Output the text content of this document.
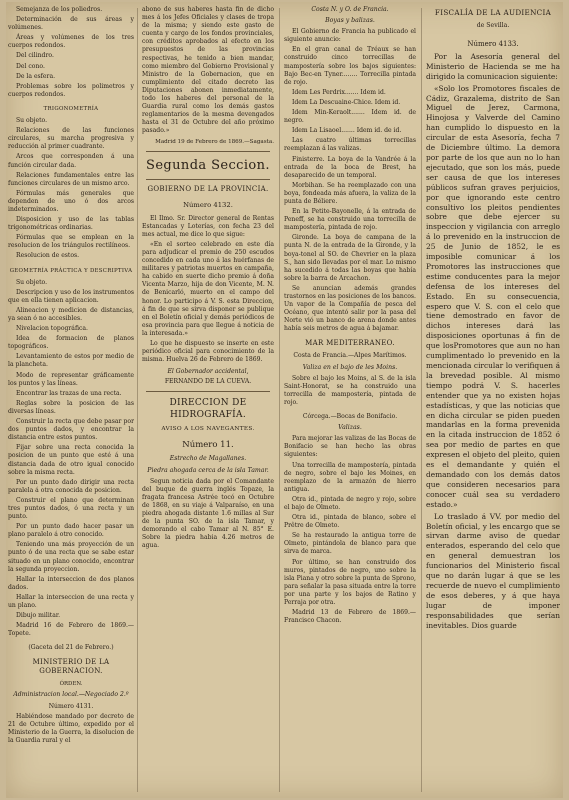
Semejanza de los poliedros.
Determinación de sus áreas y volúmenes.
Áreas y volúmenes de los tres cuerpos redondos.
Del cilindro.
Del cono.
De la esfera.
Problemas sobre los polimetros y cuerpos redondos.
TRIGONOMETRÍA
Su objeto.
Relaciones de las funciones circulares, su marcha progresiva y reducción al primer cuadrante.
Arcos que corresponden á una función circular dada.
Relaciones fundamentales entre las funciones circulares de un mismo arco.
Fórmulas más generales que dependen de uno ó dos arcos indeterminados.
Disposicion y uso de las tablas trigonométricas ordinarias.
Fórmulas que se emplean en la resolucion de los triángulos rectilíneos.
Resolucion de estos.
GEOMETRÍA PRÁCTICA Y DESCRIPTIVA
Su objeto.
Descripcion y uso de los instrumentos que en ella tienen aplicacion.
Alineacion y medicion de distancias, ya sean ó no accesibles.
Nivelacion topográfica.
Idea de formacion de planos topográficos.
Levantamiento de estos por medio de la plancheta.
Modo de representar gráficamente los puntos y las líneas.
Encontrar las trazas de una recta.
Reglas sobre la posicion de las diversas líneas.
Construir la recta que debe pasar por dos puntos dados, y encontrar la distancia entre estos puntos.
Fijar sobre una recta conocida la posicion de un punto que esté á una distancia dada de otro igual conocido sobre la misma recta.
Por un punto dado dirigir una recta paralela á otra conocida de posicion.
Construir el plano que determinan tres puntos dados, ó una recta y un punto.
Por un punto dado hacer pasar un plano paralelo á otro conocido.
Teniendo una más proyección de un punto ó de una recta que se sabe estar situado en un plano conocido, encontrar la segunda proyeccion.
Hallar la interseccion de dos planos dados.
Hallar la interseccion de una recta y un plano.
Dibujo militar.
Madrid 16 de Febrero de 1869.—Topete.
(Gaceta del 21 de Febrero.)
MINISTERIO DE LA GOBERNACION.
ÓRDEN.
Administracion local.—Negociado 2.º
Número 4131.
Habiéndose mandado por decreto de 21 de Octubre último, expedido por el Ministerio de la Guerra, la disolucion de la Guardia rural y el
abono de sus haberes hasta fin de dicho mes á los Jefes Oficiales y clases de tropa de la misma; y siendo este gasto de cuenta y cargo de los fondos provinciales, con créditos aprobados al efecto en los presupuestos de las provincias respectivas, he tenido a bien mandar, como miembro del Gobierno Provisional y Ministro de la Gobernacion, que en cumplimiento del citado decreto las Diputaciones abonen inmediatamente, todo los haberes del personal de la Guardia rural como los demás gastos reglamentarios de la mesma devengados hasta el 31 de Octubre del año próximo pasado.»
Madrid 19 de Febrero de 1869.—Sagasta.
Segunda Seccion.
GOBIERNO DE LA PROVINCIA.
Número 4132.
El Ilmo. Sr. Director general de Rentas Estancadas y Loterías, con fecha 23 del mes actual, me dice lo que sigue:
«En el sorteo celebrado en este día para adjudicar el premio de 250 escudos concedido en cada uno á las huérfanas de militares y patriotas muertos en campaña, ha cabido en suerte dicho premio á doña Vicenta Marzo, hija de don Vicente, M. N. de Benicarló, muerto en el campo del honor. Lo participo á V. S. esta Direccion, á fin de que se sirva disponer se publique en el Boletín oficial y demás periódicos de esa provincia para que llegue á noticia de la interesada.»
Lo que he dispuesto se inserte en este periódico oficial para conocimiento de la misma. Huelva 26 de Febrero de 1869.
El Gobernador accidental,
FERNANDO DE LA CUEVA.
DIRECCION DE HIDROGRAFÍA.
AVISO A LOS NAVEGANTES.
Número 11.
Estrecho de Magallanes.
Piedra ahogada cerca de la isla Tamar.
Segun noticia dada por el Comandante del buque de guerra inglés Topaze, la fragata francesa Astrée tocó en Octubre de 1868, en su viaje á Valparaíso, en una piedra ahogada distante 1.6 millas al Sur de la punta SO. de la isla Tamar, y demorando el cabo Tamar al N. 85° E. Sobre la piedra habia 4.26 metros de agua.
Costa N. y O. de Francia.
Boyas y balizas.
El Gobierno de Francia ha publicado el siguiente anuncio:
En el gran canal de Tréaux se han construido cinco torrecillas de mampostería sobre los bajos siguientes: Bajo Bec-en Tyner........ Torrecilla pintada de rojo.
Idem Les Perdrix....... Idem id.
Idem La Descuaine-Chice. Idem id.
Idem Min-Keraolt....... Idem id. de negro.
Idem La Lisaoel....... Idem id. de id.
Las cuatro últimas torrecillas reemplazan á las valizas.
Finisterre. La boya de la Vandrée á la entrada de la boca de Brest, ha desaparecido de un temporal.
Morbihan. Se ha reemplazado con una boya, fondeada más afuera, la valiza de la punta de Béliere.
En la Petite-Bayonelle, á la entrada de Peneff, se ha construido una torrecilla de mampostería, pintada de rojo.
Gironde. La boya de campana de la punta N. de la entrada de la Gironde, y la boya-tonel al SO. de Chevrier en la plaza S., han sido llevadas por el mar. Lo mismo ha sucedido á todas las boyas que había sobre la barra de Arcachon.
Se anuncian además grandes trastornos en las posiciones de los bancos. Un vapor de la Compañía de pesca del Océano, que intentó salir por la pasa del Norte vió un banco de arena donde antes había seis metros de agua á bajamar.
MAR MEDITERRANEO.
Costa de Francia.—Alpes Marítimos.
Valiza en el bajo de les Moins.
Sobre el bajo les Moins, al S. de la isla Saint-Honorat, se ha construido una torrecilla de mampostería, pintada de rojo.
Córcega.—Bocas de Bonifacio.
Valizas.
Para mejorar las valizas de las Bocas de Bonifacio se han hecho las obras siguientes:
Una torrecilla de mampostería, pintada de negro, sobre el bajo les Moines, en reemplazo de la armazón de hierro antigua.
Otra id., pintada de negro y rojo, sobre el bajo de Olmeto.
Otra id., pintada de blanco, sobre el Prêtre de Olmeto.
Se ha restaurado la antigua torre de Olmeto, pintándola de blanco para que sirva de marca.
Por último, se han construido dos muros, pintados de negro, uno sobre la isla Piana y otro sobre la punta de Sprono, para señalar la pasa situada entre la torre por una parte y los bajos de Ratino y Perraja por otra.
Madrid 13 de Febrero de 1869.—Francisco Chacon.
FISCALÍA DE LA AUDIENCIA
de Sevilla.
Número 4133.
Por la Asesoría general del Ministerio de Hacienda se me ha dirigido la comunicacion siguiente:
«Solo los Promotores fiscales de Cádiz, Grazalema, distrito de San Miguel de Jerez, Carmona, Hinojosa y Valverde del Camino han cumplido lo dispuesto en la circular de esta Asesoría, fecha 7 de Diciembre último. La demora por parte de los que aun no lo han ejecutado, que son los más, puede ser causa de que los intereses públicos sufran graves perjuicios, por que ignorando este centro consultivo los pleitos pendientes sobre que debe ejercer su inspeccion y vigilancia con arreglo á lo prevenido en la instruccion de 25 de Junio de 1852, le es imposible comunicar á los Promotores las instrucciones que estime conducentes para la mejor defensa de los intereses del Estado. En su consecuencia, espero que V. S. con el celo que tiene demostrado en favor de dichos intereses dará las disposiciones oportunas á fin de que losPromotores que aun no han cumplimentado lo prevenido en la mencionada circular lo verifiquen á la brevedad posible. Al mismo tiempo podrá V. S. hacerles entender que ya no existen hojas estadísticas, y que las noticias que en dicha circular se piden pueden mandarlas en la forma prevenida en la citada instruccion de 1852 ó sea por medio de partes en que expresen el objeto del pleito, quien es el demandante y quién el demandado con los demás datos que consideren necesarios para conocer cuál sea su verdadero estado.»
Lo traslado á VV. por medio del Boletín oficial, y les encargo que se sirvan darme aviso de quedar enterados, esperando del celo que en general demuestran los funcionarios del Ministerio fiscal que no darán lugar á que se les recuerde de nuevo el cumplimiento de esos deberes, y á que haya lugar de imponer responsabilidades que serían inevitables. Dios guarde
